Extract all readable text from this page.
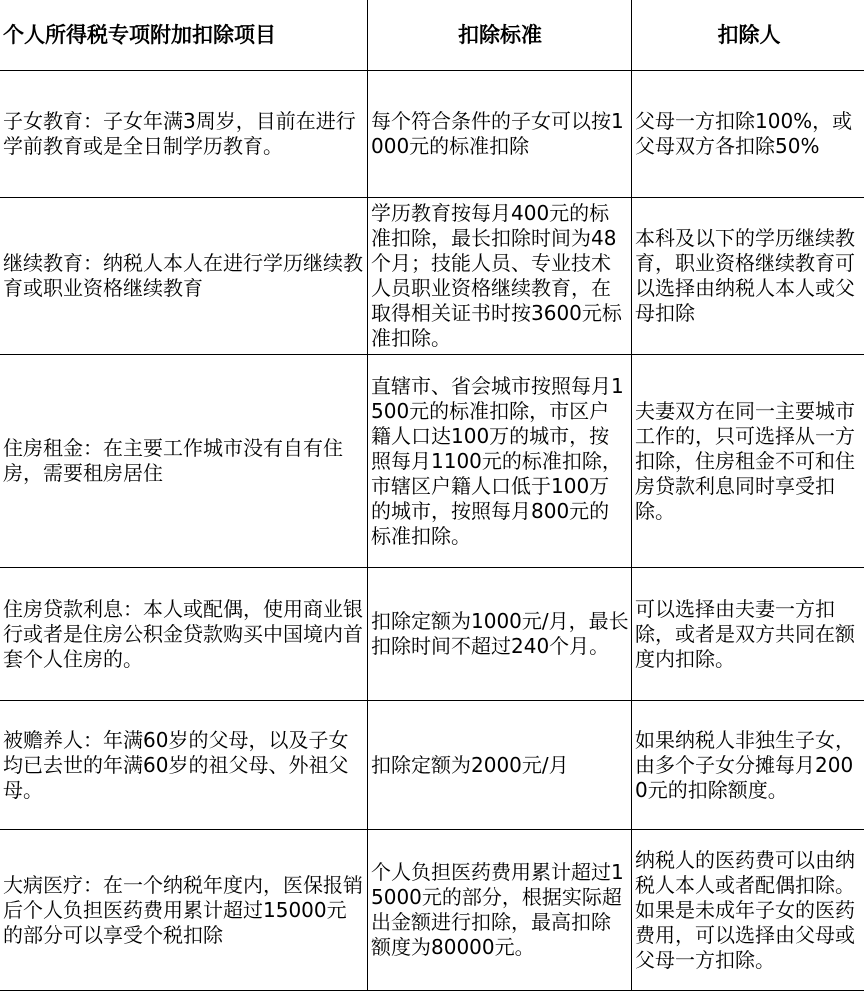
个人所得税专项附加扣除项目	扣除标准	扣除人
子女教育：子女年满3周岁，目前在进行学前教育或是全日制学历教育。	每个符合条件的子女可以按1000元的标准扣除	父母一方扣除100%，或父母双方各扣除50%
继续教育：纳税人本人在进行学历继续教育或职业资格继续教育	学历教育按每月400元的标准扣除，最长扣除时间为48个月；技能人员、专业技术人员职业资格继续教育，在取得相关证书时按3600元标准扣除。	本科及以下的学历继续教育，职业资格继续教育可以选择由纳税人本人或父母扣除
住房租金：在主要工作城市没有自有住房，需要租房居住	直辖市、省会城市按照每月1500元的标准扣除，市区户籍人口达100万的城市，按照每月1100元的标准扣除，市辖区户籍人口低于100万的城市，按照每月800元的标准扣除。	夫妻双方在同一主要城市工作的，只可选择从一方扣除，住房租金不可和住房贷款利息同时享受扣除。
住房贷款利息：本人或配偶，使用商业银行或者是住房公积金贷款购买中国境内首套个人住房的。	扣除定额为1000元/月，最长扣除时间不超过240个月。	可以选择由夫妻一方扣除，或者是双方共同在额度内扣除。
被赡养人：年满60岁的父母，以及子女均已去世的年满60岁的祖父母、外祖父母。	扣除定额为2000元/月	如果纳税人非独生子女，由多个子女分摊每月2000元的扣除额度。
大病医疗：在一个纳税年度内，医保报销后个人负担医药费用累计超过15000元的部分可以享受个税扣除	个人负担医药费用累计超过15000元的部分，根据实际超出金额进行扣除，最高扣除额度为80000元。	纳税人的医药费可以由纳税人本人或者配偶扣除。如果是未成年子女的医药费用，可以选择由父母或父母一方扣除。
